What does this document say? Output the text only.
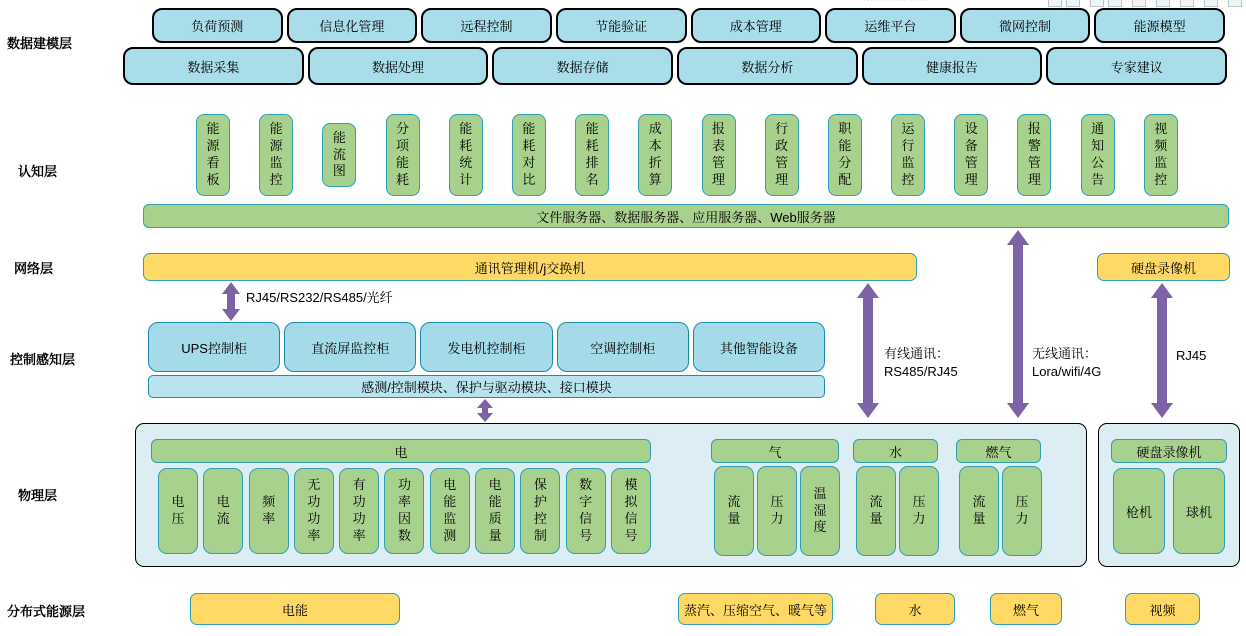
········ ····· ······
数据建模层
认知层
网络层
控制感知层
物理层
分布式能源层
负荷预测	信息化管理	远程控制	节能验证	成本管理	运维平台	微网控制	能源模型
数据采集	数据处理	数据存储	数据分析	健康报告	专家建议
能源看板
能源监控
能流图
分项能耗
能耗统计
能耗对比
能耗排名
成本折算
报表管理
行政管理
职能分配
运行监控
设备管理
报警管理
通知公告
视频监控
文件服务器、数据服务器、应用服务器、Web服务器
通讯管理机/j交换机	硬盘录像机
UPS控制柜	直流屏监控柜	发电机控制柜	空调控制柜	其他智能设备
感测/控制模块、保护与驱动模块、接口模块
RJ45/RS232/RS485/光纤
有线通讯：
RS485/RJ45
无线通讯：
Lora/wifi/4G
RJ45
电
电压
电流
频率
无功功率
有功功率
功率因数
电能监测
电能质量
保护控制
数字信号
模拟信号
气
流量
压力
温湿度
水
流量
压力
燃气
流量
压力
硬盘录像机
枪机	球机
电能	蒸汽、压缩空气、暖气等	水	燃气	视频
